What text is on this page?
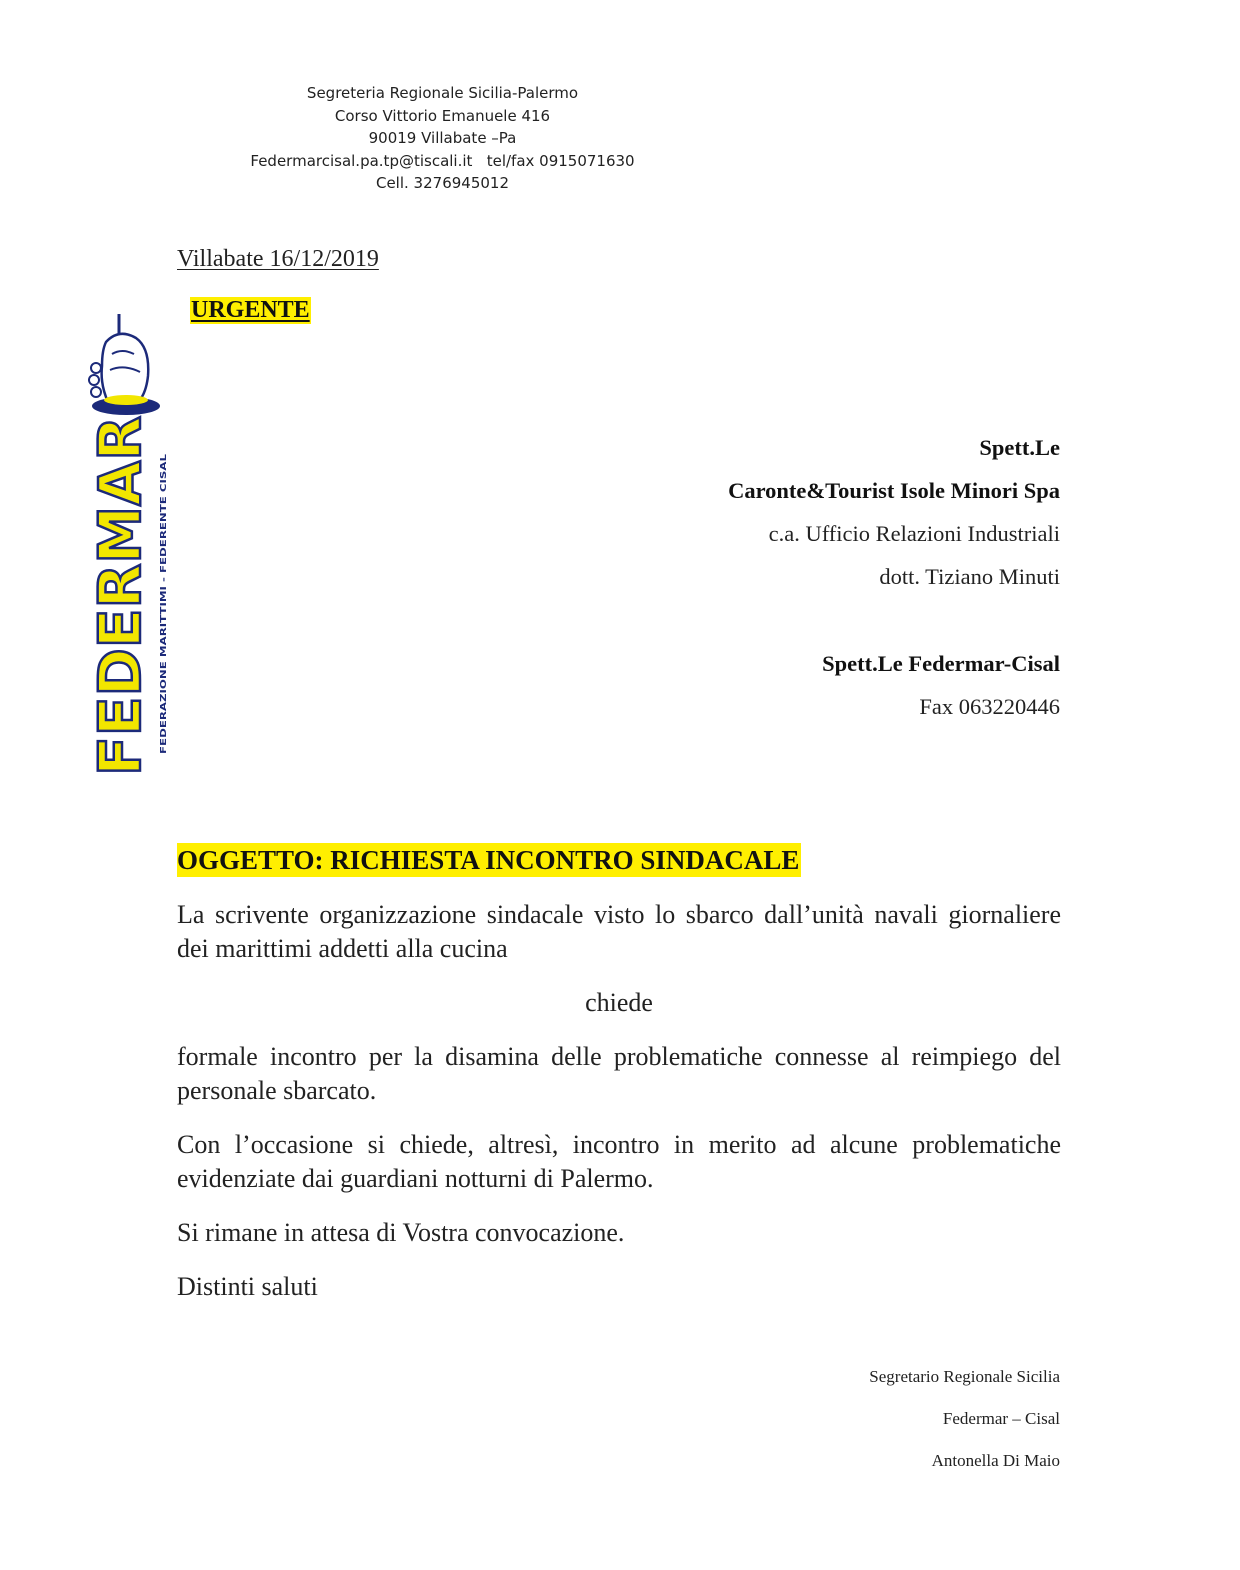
Segreteria Regionale Sicilia-Palermo
Corso Vittorio Emanuele 416
90019 Villabate –Pa
Federmarcisal.pa.tp@tiscali.it   tel/fax 0915071630
Cell. 3276945012
Villabate 16/12/2019
URGENTE
FEDERMAR FEDERAZIONE MARITTIMI - FEDERENTE CISAL
Spett.Le
Caronte&Tourist Isole Minori Spa
c.a. Ufficio Relazioni Industriali
dott. Tiziano Minuti
Spett.Le Federmar-Cisal
Fax 063220446
OGGETTO: RICHIESTA INCONTRO SINDACALE
La scrivente organizzazione sindacale visto lo sbarco dall’unità navali giornaliere dei marittimi addetti alla cucina
chiede
formale incontro per la disamina delle problematiche connesse al reimpiego del personale sbarcato.
Con l’occasione si chiede, altresì, incontro in merito ad alcune problematiche evidenziate dai guardiani notturni di Palermo.
Si rimane in attesa di Vostra convocazione.
Distinti saluti
Segretario Regionale Sicilia
Federmar – Cisal
Antonella Di Maio
